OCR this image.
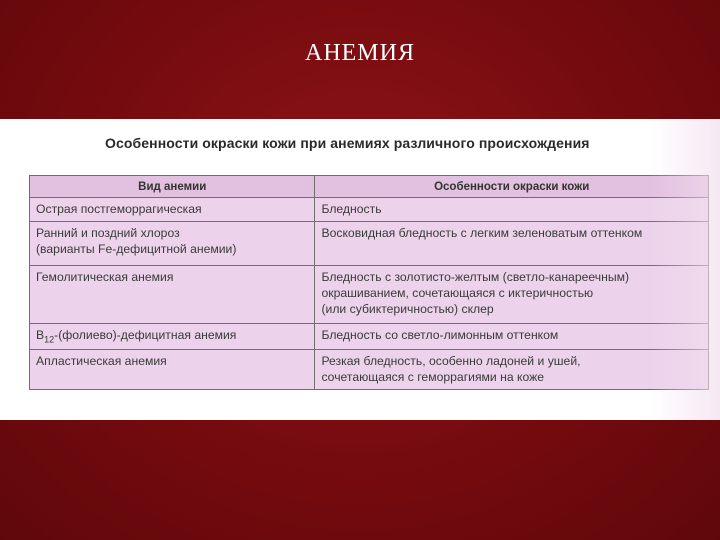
АНЕМИЯ
Особенности окраски кожи при анемиях различного происхождения
Вид анемии	Особенности окраски кожи

Острая постгеморрагическая	Бледность

Ранний и поздний хлороз
(варианты Fe-дефицитной анемии)	Восковидная бледность с легким зеленоватым оттенком

Гемолитическая анемия	Бледность с золотисто-желтым (светло-канареечным)
окрашиванием, сочетающаяся с иктеричностью
(или субиктеричностью) склер

$B_{12}-(фолиево)$-дефицитная анемия	Бледность со светло-лимонным оттенком

Апластическая анемия	Резкая бледность, особенно ладоней и ушей,
сочетающаяся с геморрагиями на коже
